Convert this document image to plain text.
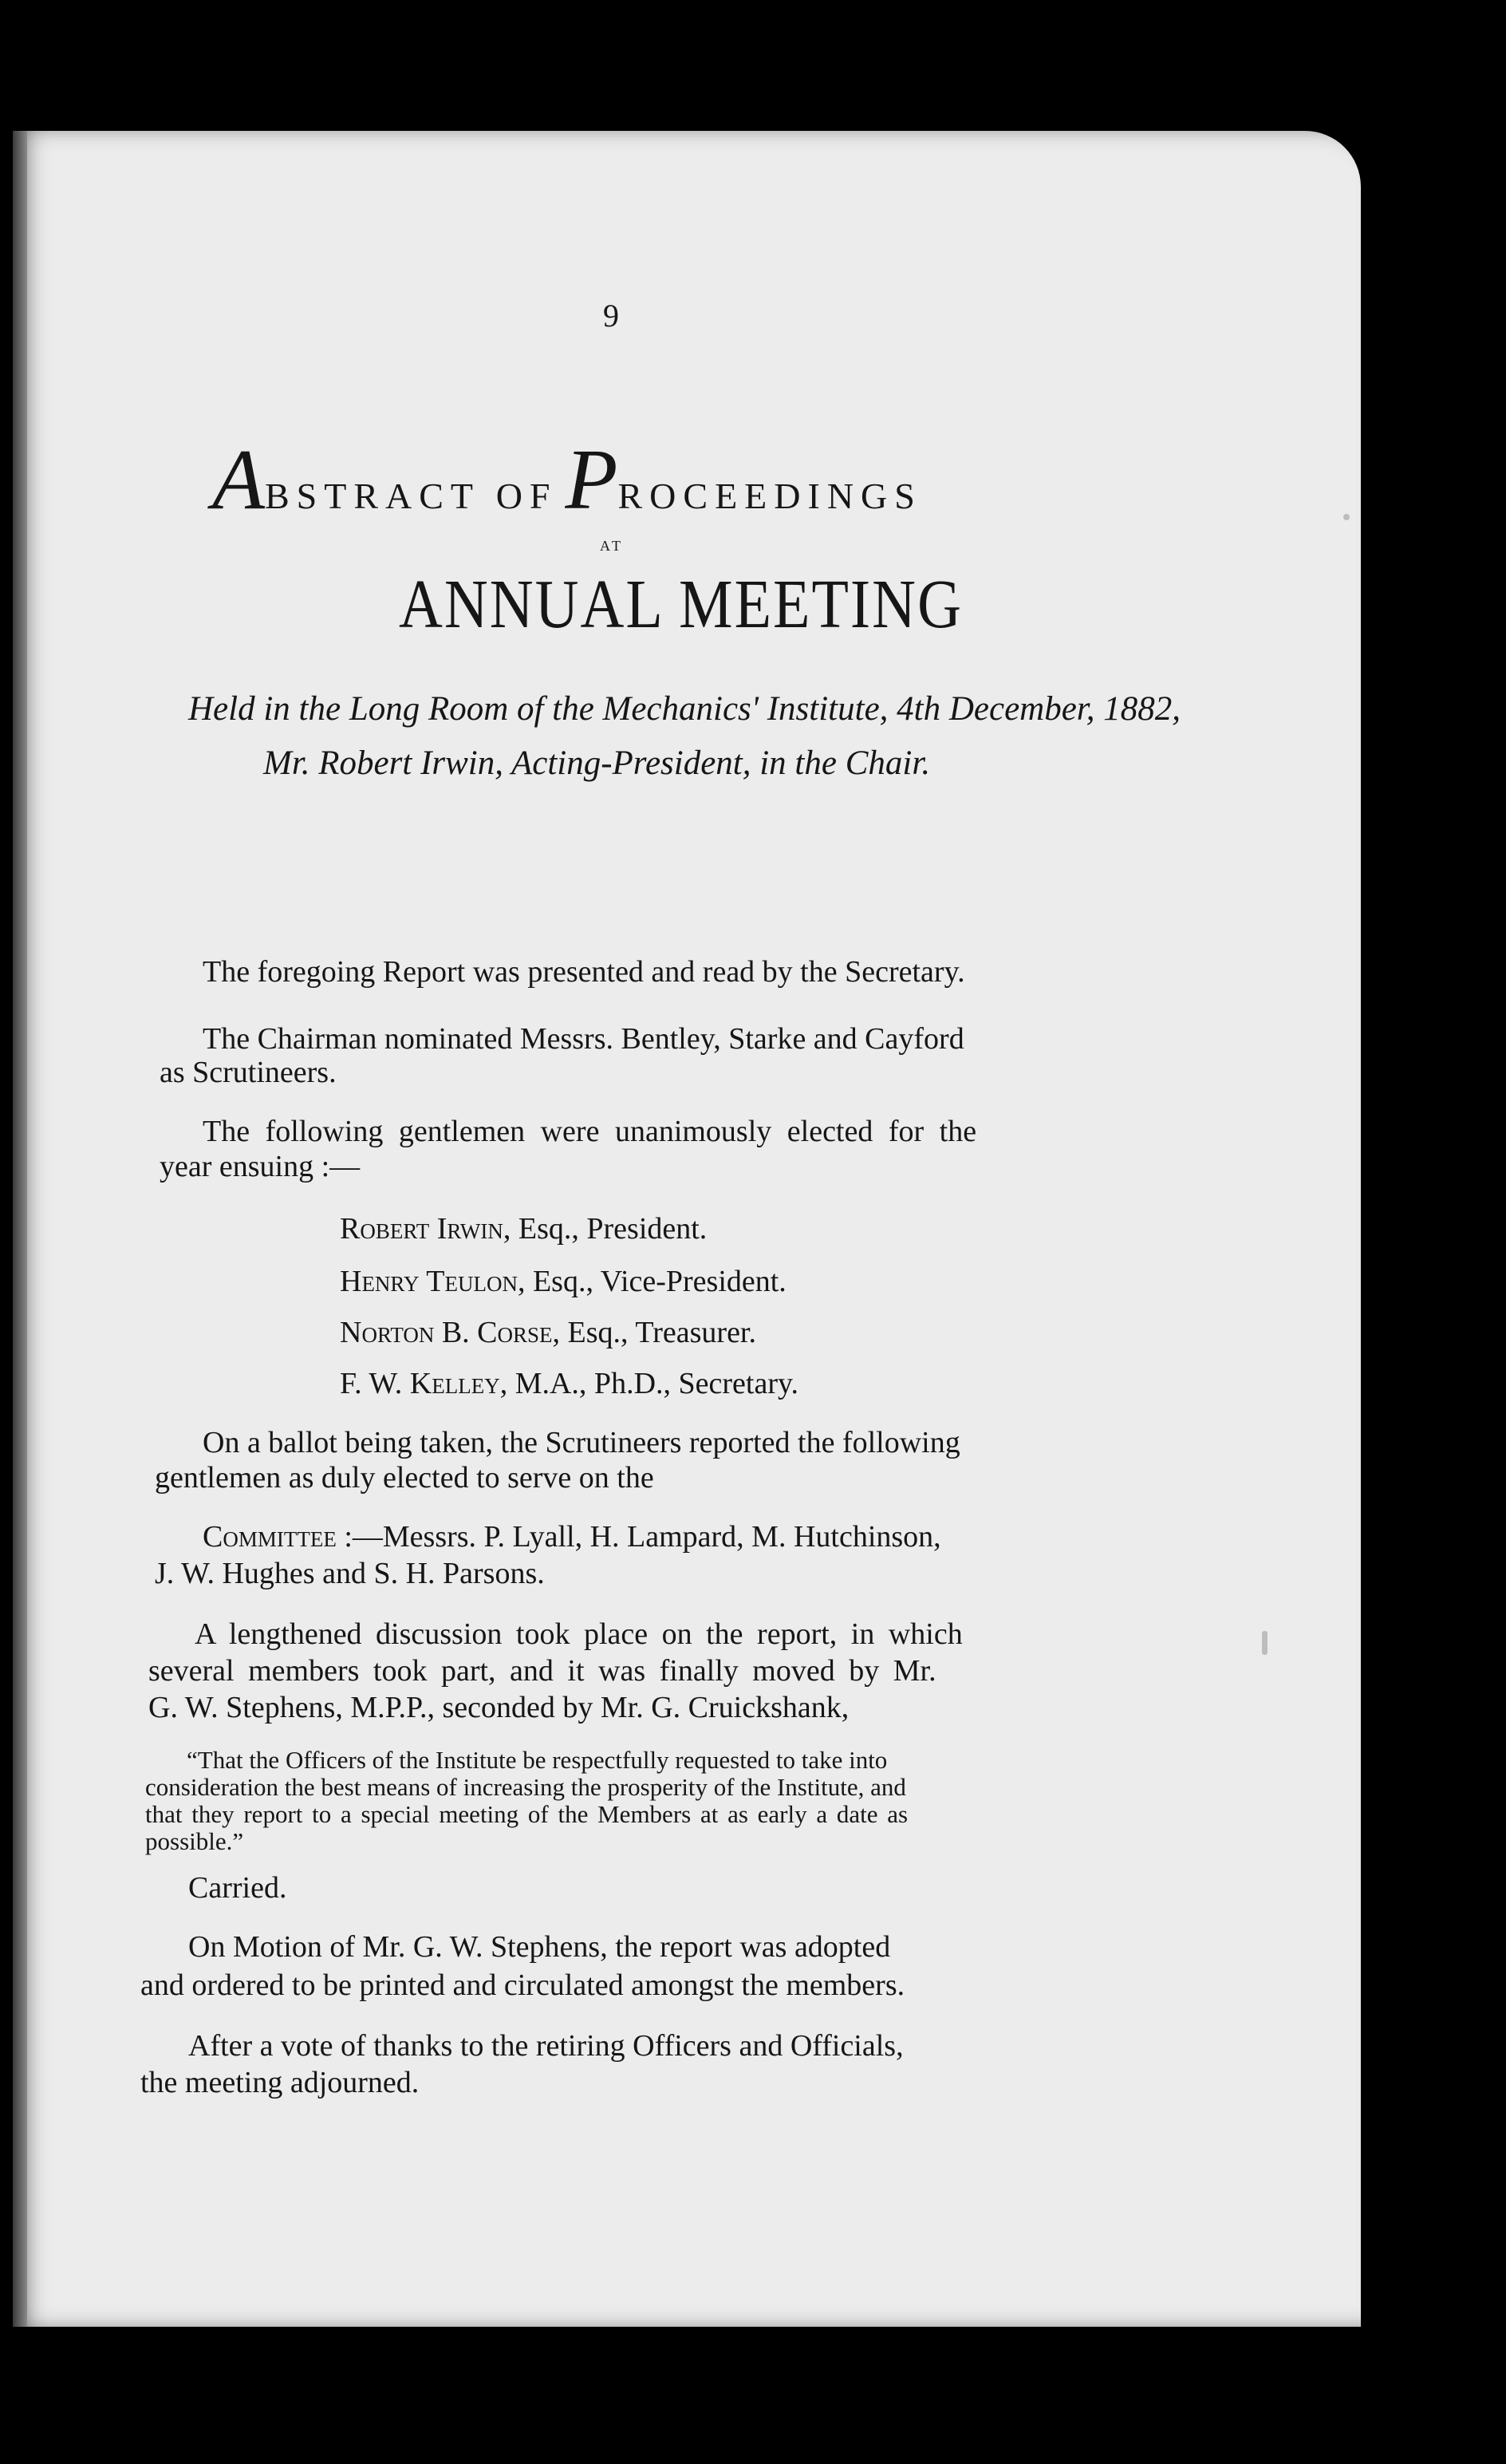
9

ABSTRACT OF PROCEEDINGS

AT

ANNUAL MEETING

Held in the Long Room of the Mechanics' Institute, 4th December, 1882,

Mr. Robert Irwin, Acting-President, in the Chair.

The foregoing Report was presented and read by the Secretary.

The Chairman nominated Messrs. Bentley, Starke and Cayford

as Scrutineers.

The following gentlemen were unanimously elected for the

year ensuing :—

Robert Irwin, Esq., President.

Henry Teulon, Esq., Vice-President.

Norton B. Corse, Esq., Treasurer.

F. W. Kelley, M.A., Ph.D., Secretary.

On a ballot being taken, the Scrutineers reported the following

gentlemen as duly elected to serve on the

Committee :—Messrs. P. Lyall, H. Lampard, M. Hutchinson,

J. W. Hughes and S. H. Parsons.

A lengthened discussion took place on the report, in which

several members took part, and it was finally moved by Mr.

G. W. Stephens, M.P.P., seconded by Mr. G. Cruickshank,

“That the Officers of the Institute be respectfully requested to take into

consideration the best means of increasing the prosperity of the Institute, and

that they report to a special meeting of the Members at as early a date as

possible.”

Carried.

On Motion of Mr. G. W. Stephens, the report was adopted

and ordered to be printed and circulated amongst the members.

After a vote of thanks to the retiring Officers and Officials,

the meeting adjourned.
